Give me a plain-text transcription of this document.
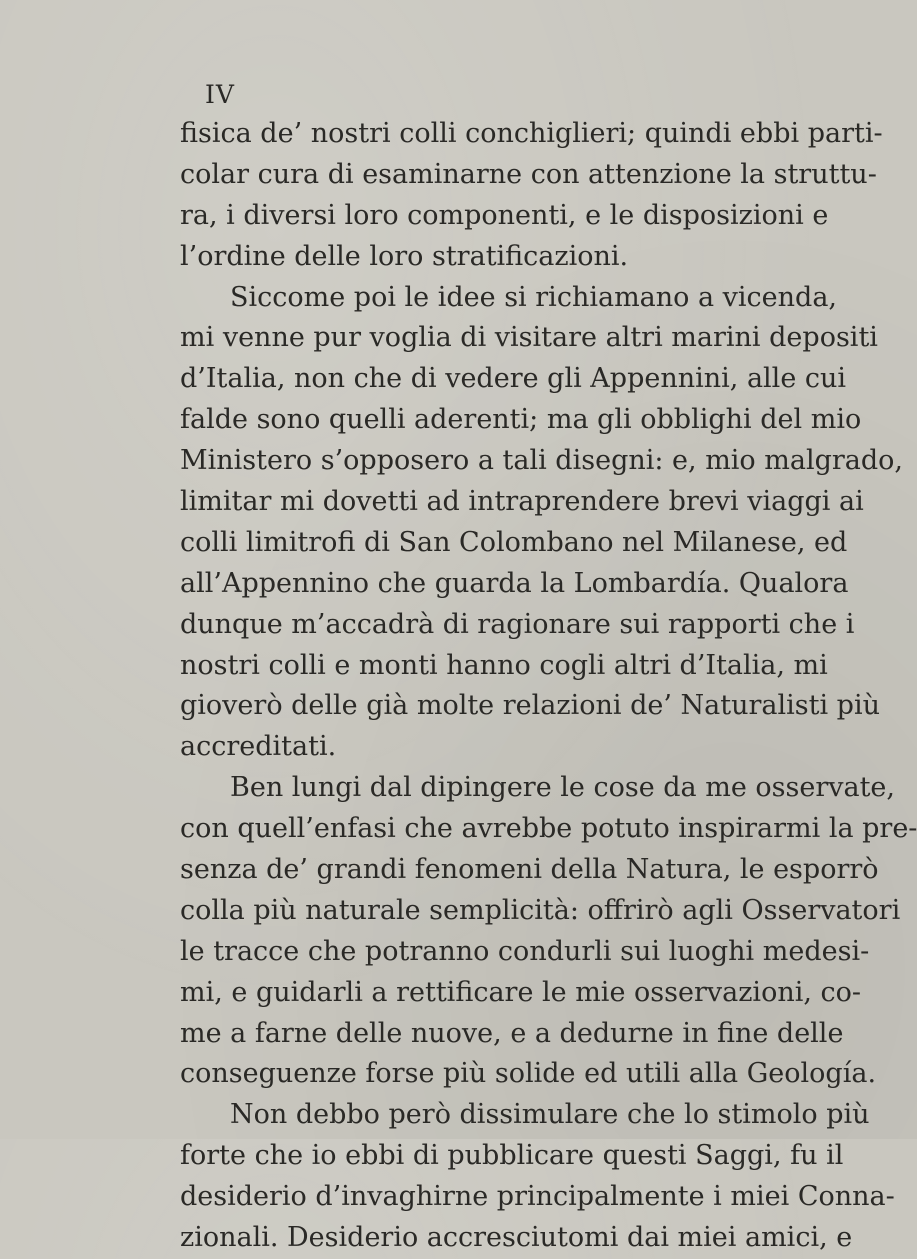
IV
fisica de’ nostri colli conchiglieri; quindi ebbi parti-
colar cura di esaminarne con attenzione la struttu-
ra, i diversi loro componenti, e le disposizioni e
l’ordine delle loro stratificazioni.
Siccome poi le idee si richiamano a vicenda,
mi venne pur voglia di visitare altri marini depositi
d’Italia, non che di vedere gli Appennini, alle cui
falde sono quelli aderenti; ma gli obblighi del mio
Ministero s’opposero a tali disegni: e, mio malgrado,
limitar mi dovetti ad intraprendere brevi viaggi ai
colli limitrofi di San Colombano nel Milanese, ed
all’Appennino che guarda la Lombardía. Qualora
dunque m’accadrà di ragionare sui rapporti che i
nostri colli e monti hanno cogli altri d’Italia, mi
gioverò delle già molte relazioni de’ Naturalisti più
accreditati.
Ben lungi dal dipingere le cose da me osservate,
con quell’enfasi che avrebbe potuto inspirarmi la pre-
senza de’ grandi fenomeni della Natura, le esporrò
colla più naturale semplicità: offrirò agli Osservatori
le tracce che potranno condurli sui luoghi medesi-
mi, e guidarli a rettificare le mie osservazioni, co-
me a farne delle nuove, e a dedurne in fine delle
conseguenze forse più solide ed utili alla Geología.
Non debbo però dissimulare che lo stimolo più
forte che io ebbi di pubblicare questi Saggi, fu il
desiderio d’invaghirne principalmente i miei Conna-
zionali. Desiderio accresciutomi dai miei amici, e
